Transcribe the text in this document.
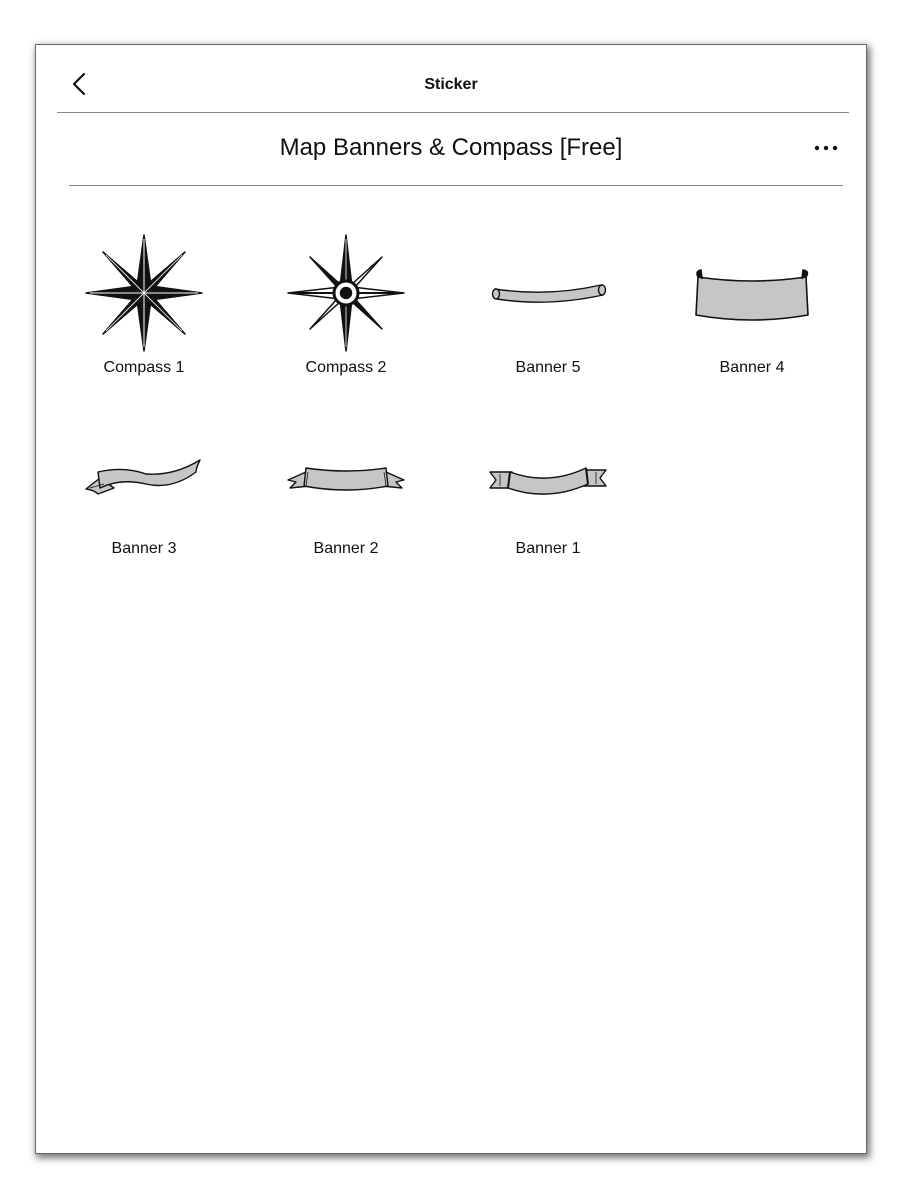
Sticker
Map Banners & Compass [Free]
Compass 1	Compass 2	Banner 5	Banner 4
Banner 3	Banner 2	Banner 1
